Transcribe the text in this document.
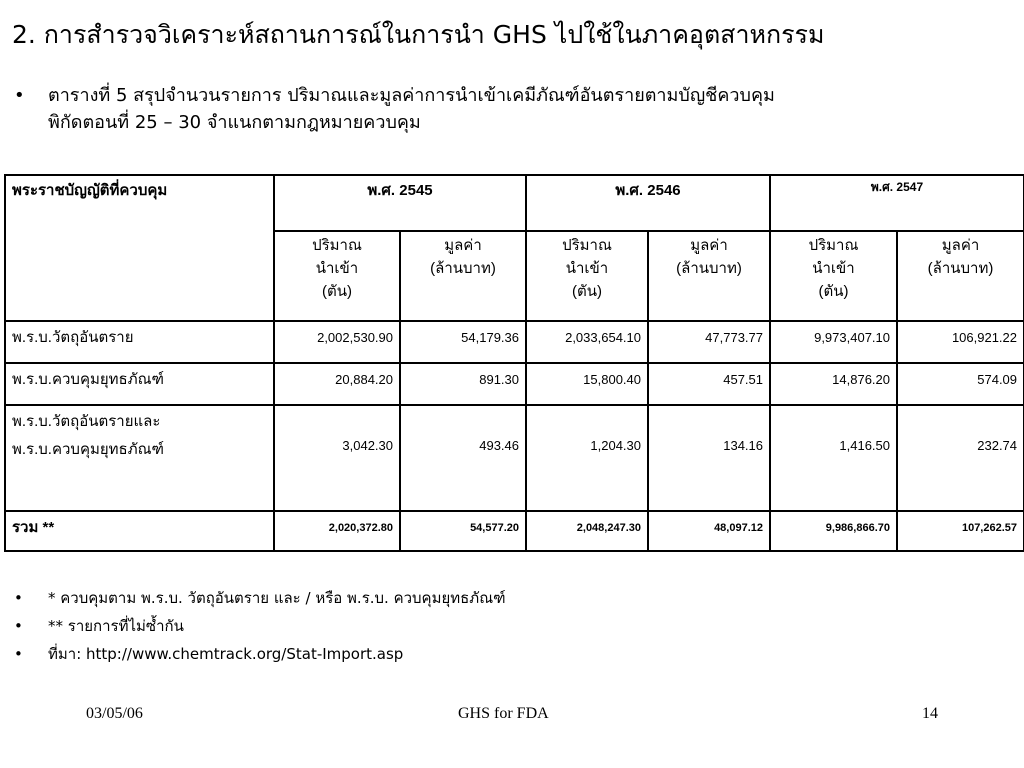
2. การสำรวจวิเคราะห์สถานการณ์ในการนำ GHS ไปใช้ในภาคอุตสาหกรรม
• ตารางที่ 5 สรุปจำนวนรายการ ปริมาณและมูลค่าการนำเข้าเคมีภัณฑ์อันตรายตามบัญชีควบคุม
พิกัดตอนที่ 25 – 30 จำแนกตามกฎหมายควบคุม
พระราชบัญญัติที่ควบคุม	พ.ศ. 2545		พ.ศ. 2546		พ.ศ. 2547	

	ปริมาณ
นำเข้า
(ตัน)	มูลค่า
(ล้านบาท)	ปริมาณ
นำเข้า
(ตัน)	มูลค่า
(ล้านบาท)	ปริมาณ
นำเข้า
(ตัน)	มูลค่า
(ล้านบาท)

พ.ร.บ.วัตถุอันตราย	2,002,530.90	54,179.36	2,033,654.10	47,773.77	9,973,407.10	106,921.22
พ.ร.บ.ควบคุมยุทธภัณฑ์	20,884.20	891.30	15,800.40	457.51	14,876.20	574.09

พ.ร.บ.วัตถุอันตรายและ
พ.ร.บ.ควบคุมยุทธภัณฑ์	3,042.30	493.46	1,204.30	134.16	1,416.50	232.74
รวม **	2,020,372.80	54,577.20	2,048,247.30	48,097.12	9,986,866.70	107,262.57
• * ควบคุมตาม พ.ร.บ. วัตถุอันตราย และ / หรือ พ.ร.บ. ควบคุมยุทธภัณฑ์
• ** รายการที่ไม่ซ้ำกัน
• ที่มา: http://www.chemtrack.org/Stat-Import.asp
03/05/06	GHS for FDA	14
